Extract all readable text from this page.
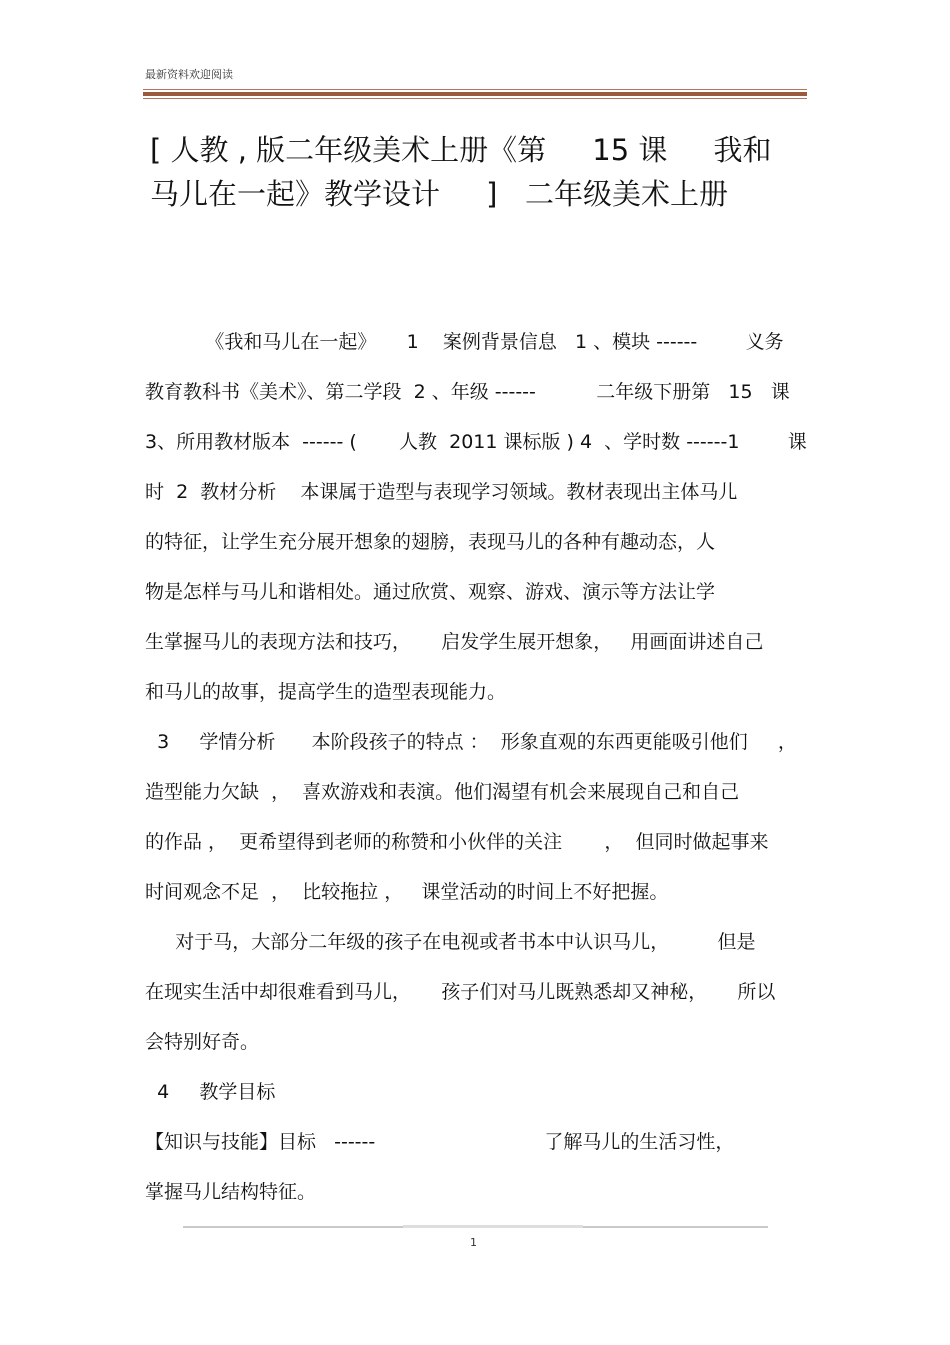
最新资料欢迎阅读
[ 人教 , 版二年级美术上册《第     15 课     我和
马儿在一起》教学设计     ]   二年级美术上册
《我和马儿在一起》     1    案例背景信息   1 、模块 ------        义务
教育教科书《美术》、第二学段  2 、年级 ------          二年级下册第   15   课
3、所用教材版本  ------ (       人教  2011 课标版 ) 4  、学时数 ------1        课
时  2  教材分析    本课属于造型与表现学习领域。教材表现出主体马儿
的特征，让学生充分展开想象的翅膀，表现马儿的各种有趣动态，人
物是怎样与马儿和谐相处。通过欣赏、观察、游戏、演示等方法让学
生掌握马儿的表现方法和技巧，     启发学生展开想象，   用画面讲述自己
和马儿的故事，提高学生的造型表现能力。
3     学情分析      本阶段孩子的特点 ：  形象直观的东西更能吸引他们     ，
造型能力欠缺  ，  喜欢游戏和表演。他们渴望有机会来展现自己和自己
的作品 ，  更希望得到老师的称赞和小伙伴的关注       ，  但同时做起事来
时间观念不足  ，  比较拖拉 ，   课堂活动的时间上不好把握。
对于马，大部分二年级的孩子在电视或者书本中认识马儿，        但是
在现实生活中却很难看到马儿，     孩子们对马儿既熟悉却又神秘，     所以
会特别好奇。
4     教学目标
【知识与技能】目标   ------                            了解马儿的生活习性，
掌握马儿结构特征。
1
